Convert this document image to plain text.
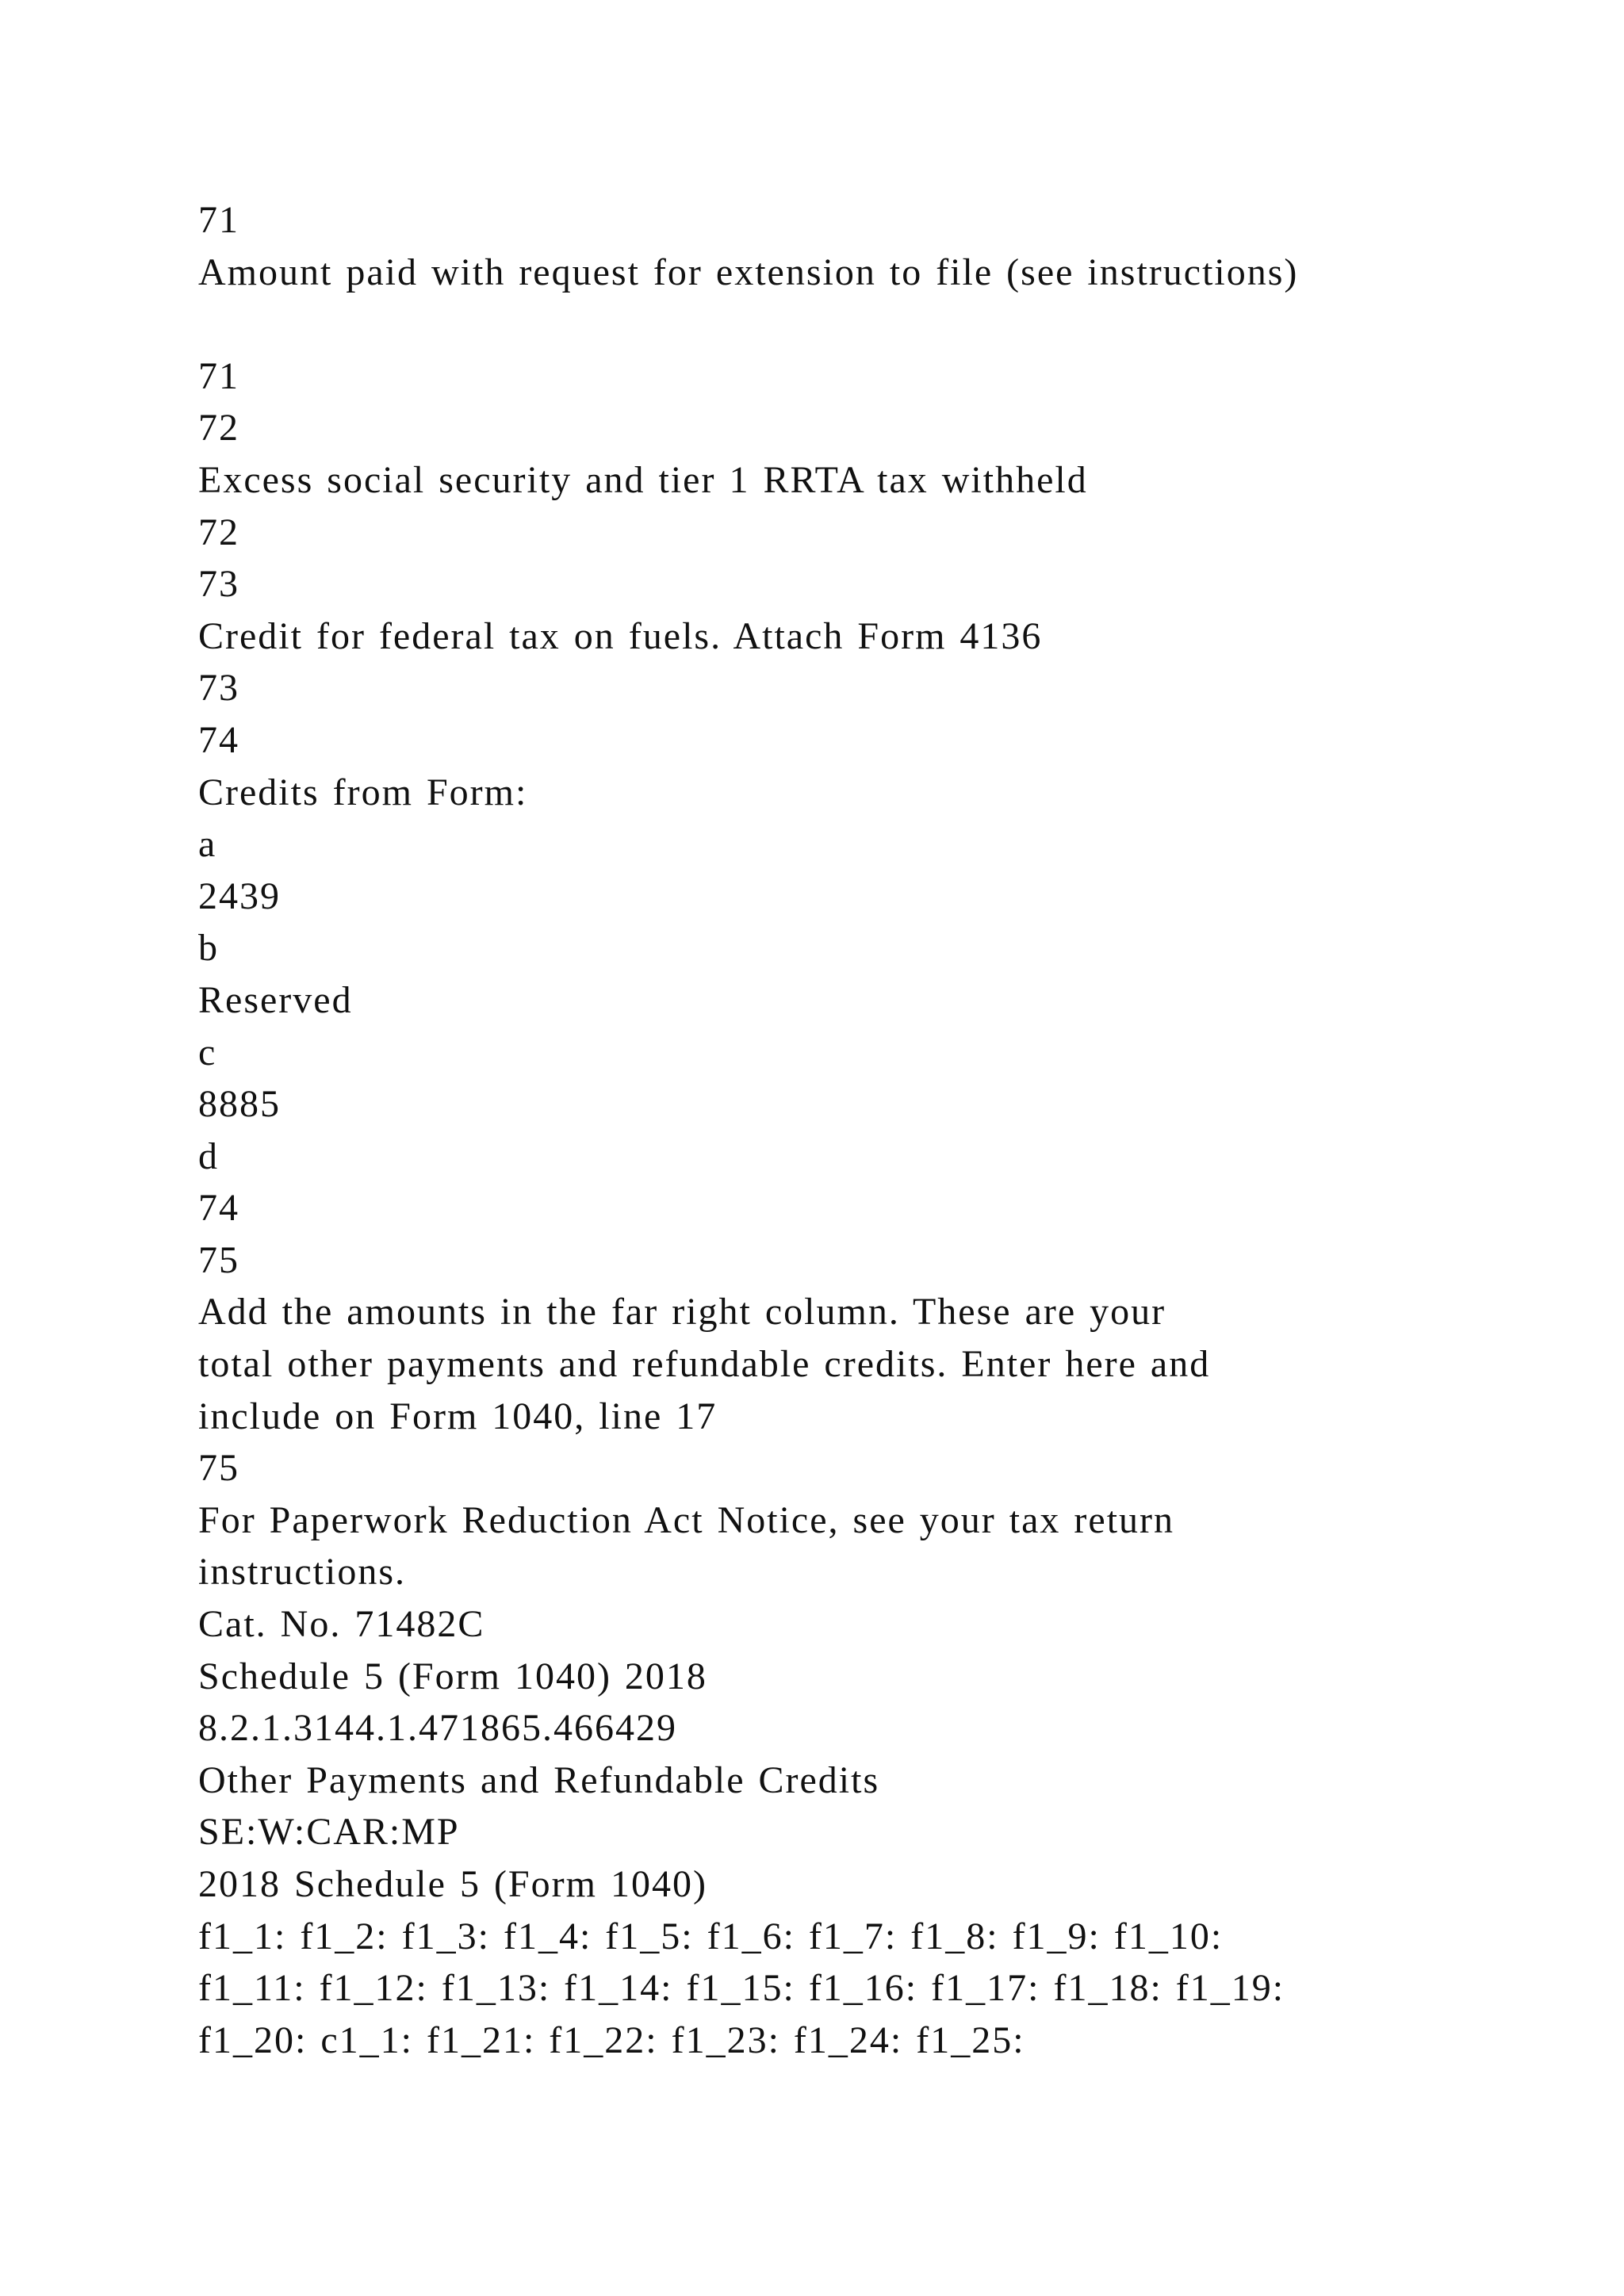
71
Amount paid with request for extension to file (see instructions)
71
72
Excess social security and tier 1 RRTA tax withheld
72
73
Credit for federal tax on fuels. Attach Form 4136
73
74
Credits from Form:
a
2439
b
Reserved
c
8885
d
74
75
Add the amounts in the far right column. These are your
total other payments and refundable credits. Enter here and
include on Form 1040, line 17
75
For Paperwork Reduction Act Notice, see your tax return
instructions.
Cat. No. 71482C
Schedule 5 (Form 1040) 2018
8.2.1.3144.1.471865.466429
Other Payments and Refundable Credits
SE:W:CAR:MP
2018 Schedule 5 (Form 1040)
f1_1: f1_2: f1_3: f1_4: f1_5: f1_6: f1_7: f1_8: f1_9: f1_10:
f1_11: f1_12: f1_13: f1_14: f1_15: f1_16: f1_17: f1_18: f1_19:
f1_20: c1_1: f1_21: f1_22: f1_23: f1_24: f1_25:
